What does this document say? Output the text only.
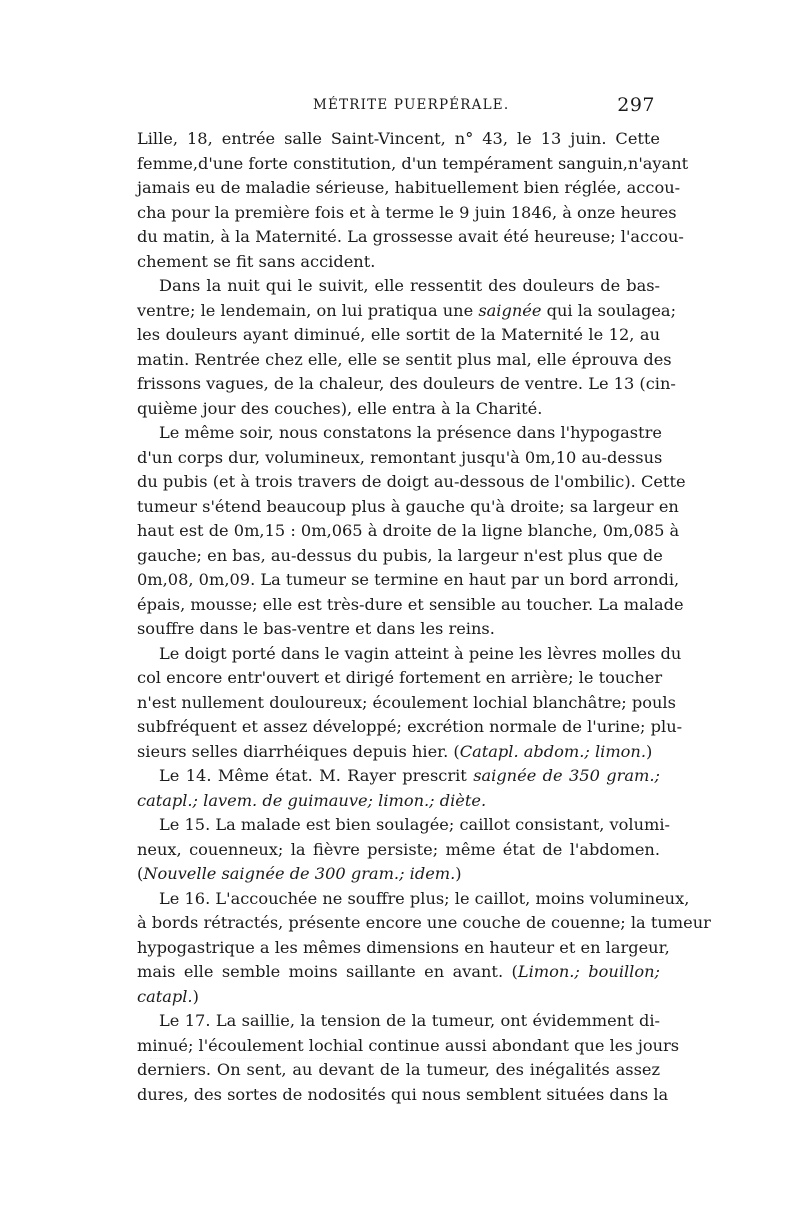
MÉTRITE PUERPÉRALE.	297
Lille, 18, entrée salle Saint-Vincent, n° 43, le 13 juin. Cette
femme,d'une forte constitution, d'un tempérament sanguin,n'ayant
jamais eu de maladie sérieuse, habituellement bien réglée, accou-
cha pour la première fois et à terme le 9 juin 1846, à onze heures
du matin, à la Maternité. La grossesse avait été heureuse; l'accou-
chement se fit sans accident.
Dans la nuit qui le suivit, elle ressentit des douleurs de bas-
ventre; le lendemain, on lui pratiqua une saignée qui la soulagea;
les douleurs ayant diminué, elle sortit de la Maternité le 12, au
matin. Rentrée chez elle, elle se sentit plus mal, elle éprouva des
frissons vagues, de la chaleur, des douleurs de ventre. Le 13 (cin-
quième jour des couches), elle entra à la Charité.
Le même soir, nous constatons la présence dans l'hypogastre
d'un corps dur, volumineux, remontant jusqu'à 0m,10 au-dessus
du pubis (et à trois travers de doigt au-dessous de l'ombilic). Cette
tumeur s'étend beaucoup plus à gauche qu'à droite; sa largeur en
haut est de 0m,15 : 0m,065 à droite de la ligne blanche, 0m,085 à
gauche; en bas, au-dessus du pubis, la largeur n'est plus que de
0m,08, 0m,09. La tumeur se termine en haut par un bord arrondi,
épais, mousse; elle est très-dure et sensible au toucher. La malade
souffre dans le bas-ventre et dans les reins.
Le doigt porté dans le vagin atteint à peine les lèvres molles du
col encore entr'ouvert et dirigé fortement en arrière; le toucher
n'est nullement douloureux; écoulement lochial blanchâtre; pouls
subfréquent et assez développé; excrétion normale de l'urine; plu-
sieurs selles diarrhéiques depuis hier. (Catapl. abdom.; limon.)
Le 14. Même état. M. Rayer prescrit saignée de 350 gram.;
catapl.; lavem. de guimauve; limon.; diète.
Le 15. La malade est bien soulagée; caillot consistant, volumi-
neux, couenneux; la fièvre persiste; même état de l'abdomen.
(Nouvelle saignée de 300 gram.; idem.)
Le 16. L'accouchée ne souffre plus; le caillot, moins volumineux,
à bords rétractés, présente encore une couche de couenne; la tumeur
hypogastrique a les mêmes dimensions en hauteur et en largeur,
mais elle semble moins saillante en avant. (Limon.; bouillon;
catapl.)
Le 17. La saillie, la tension de la tumeur, ont évidemment di-
minué; l'écoulement lochial continue aussi abondant que les jours
derniers. On sent, au devant de la tumeur, des inégalités assez
dures, des sortes de nodosités qui nous semblent situées dans la
